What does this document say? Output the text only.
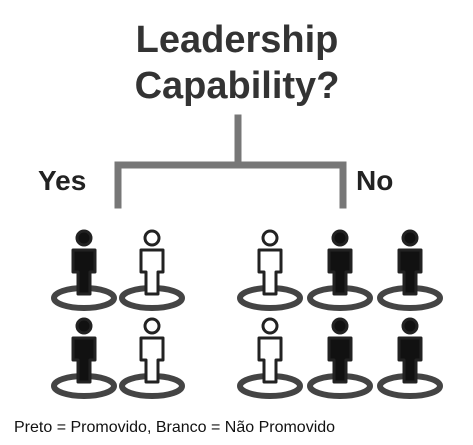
Leadership
Capability?
Yes	No
Preto = Promovido, Branco = Não Promovido
